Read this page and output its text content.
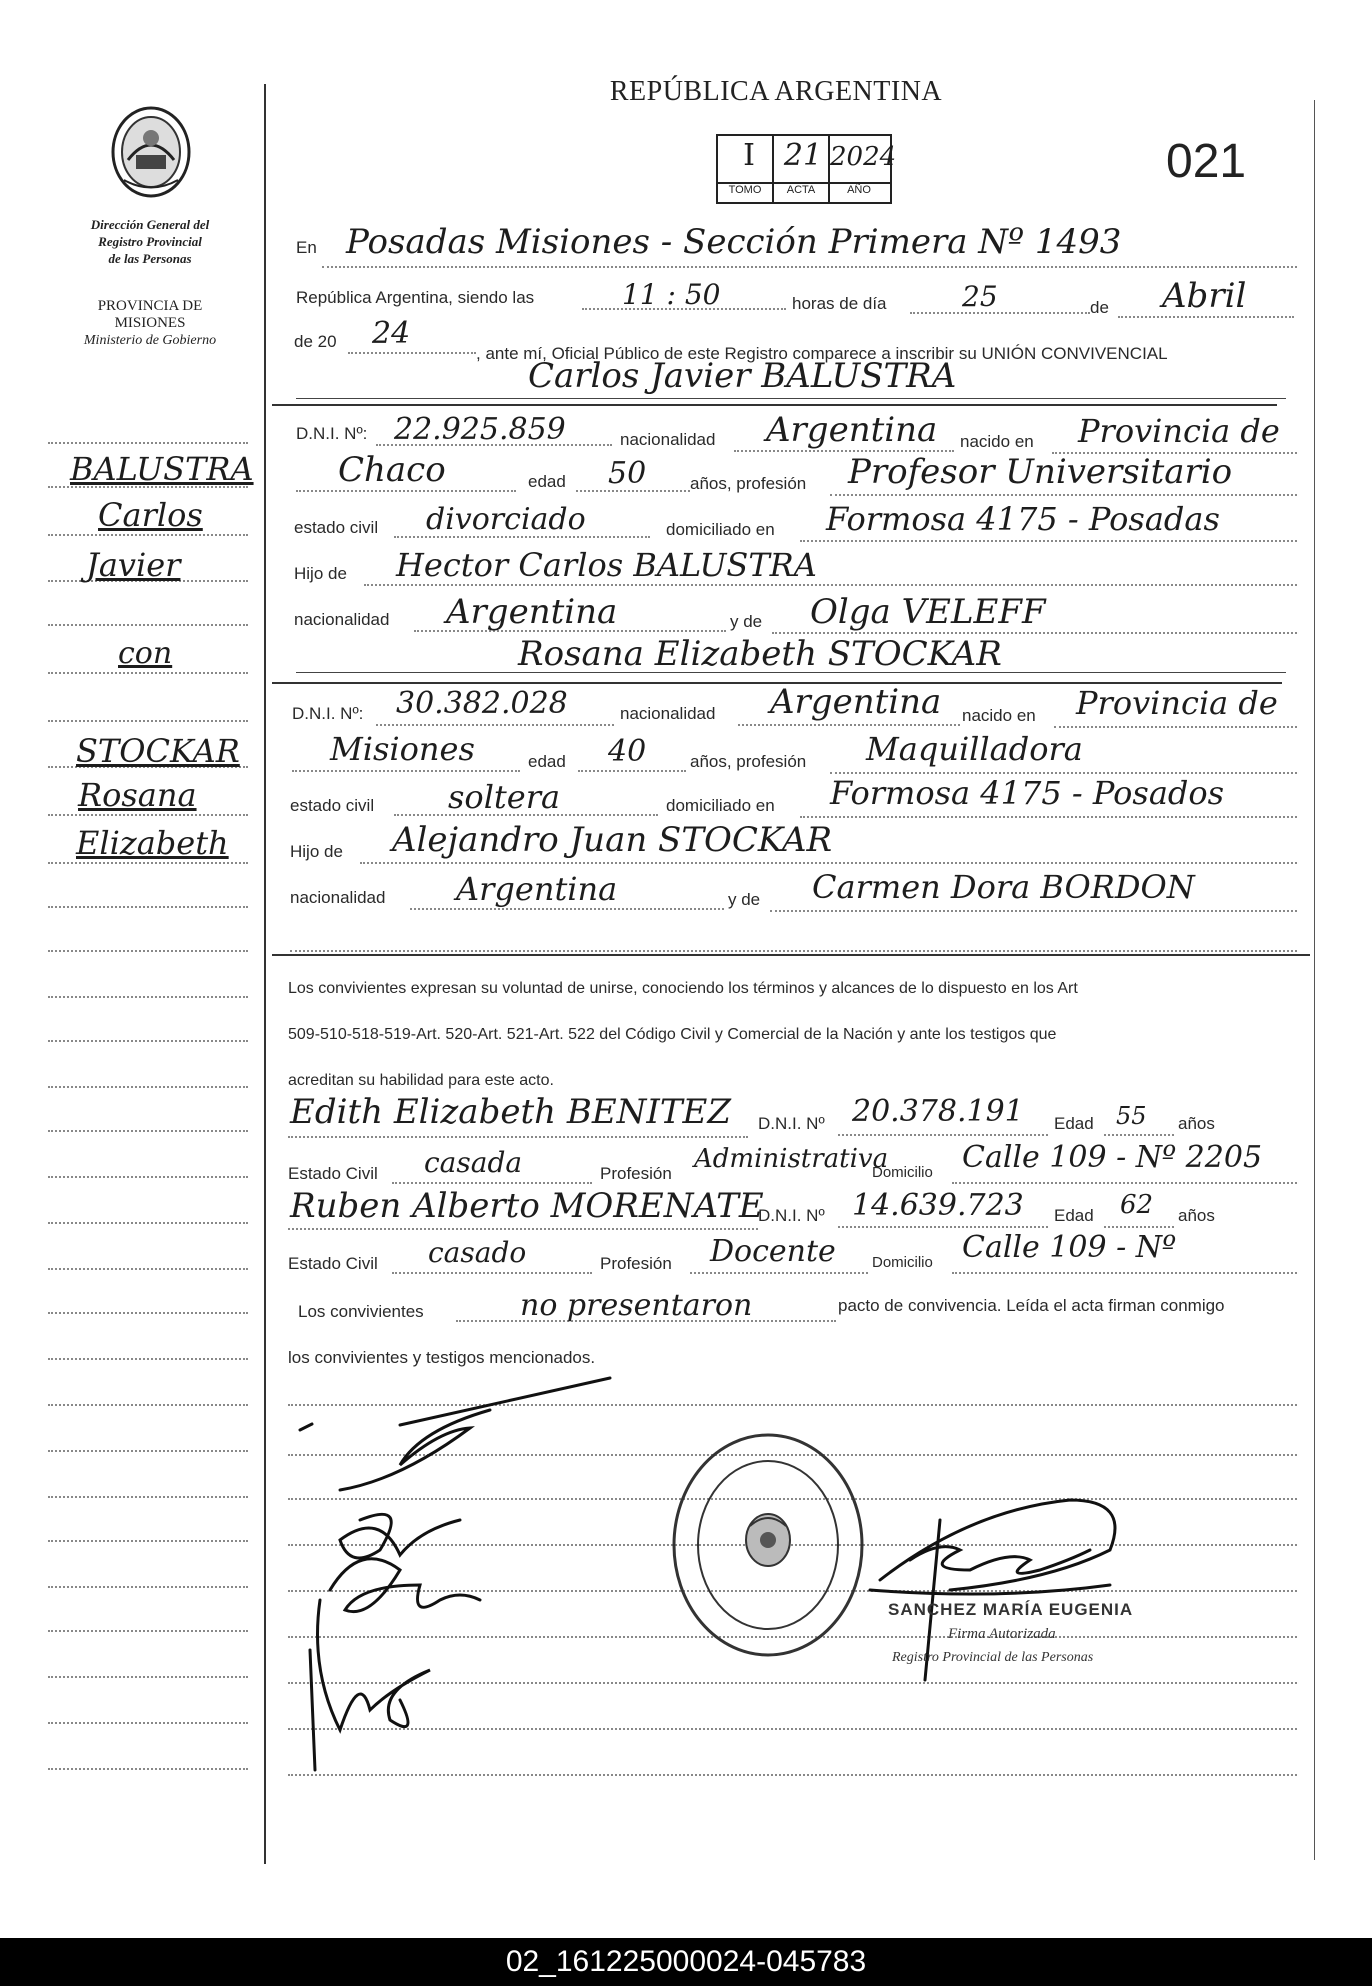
REPÚBLICA ARGENTINA
021
I 21 2024
TOMO	ACTA	AÑO
Dirección General del
Registro Provincial
de las Personas
PROVINCIA DE
MISIONES
Ministerio de Gobierno
BALUSTRA
Carlos
Javier
con
STOCKAR
Rosana
Elizabeth
En Posadas Misiones - Sección Primera Nº 1493
República Argentina, siendo las	11 : 50	horas de día	25	de Abril
de 20 24
, ante mí, Oficial Público de este Registro comparece a inscribir su UNIÓN CONVIVENCIAL
Carlos Javier BALUSTRA
D.N.I. Nº: 22.925.859	nacionalidad Argentina nacido en Provincia de
Chaco	edad 50	años, profesión Profesor Universitario
estado civil divorciado	domiciliado en Formosa 4175 - Posadas
Hijo de Hector Carlos BALUSTRA
nacionalidad Argentina	y de Olga VELEFF
Rosana Elizabeth STOCKAR
D.N.I. Nº: 30.382.028	nacionalidad Argentina nacido en Provincia de
Misiones	edad 40	años, profesión Maquilladora
estado civil soltera	domiciliado en Formosa 4175 - Posados
Hijo de Alejandro Juan STOCKAR
nacionalidad Argentina	y de Carmen Dora BORDON
Los convivientes expresan su voluntad de unirse, conociendo los términos y alcances de lo dispuesto en los Art
509-510-518-519-Art. 520-Art. 521-Art. 522 del Código Civil y Comercial de la Nación y ante los testigos que
acreditan su habilidad para este acto.
Edith Elizabeth BENITEZ D.N.I. Nº 20.378.191 Edad 55 años
Estado Civil casada	Profesión Administrativa
Domicilio Calle 109 - Nº 2205
Ruben Alberto MORENATE
D.N.I. Nº 14.639.723 Edad 62 años
Estado Civil casado	Profesión Docente Domicilio Calle 109 - Nº
Los convivientes	no presentaron	pacto de convivencia. Leída el acta firman conmigo
los convivientes y testigos mencionados.
SANCHEZ MARÍA EUGENIA
Firma Autorizada
Registro Provincial de las Personas
02_161225000024-045783
